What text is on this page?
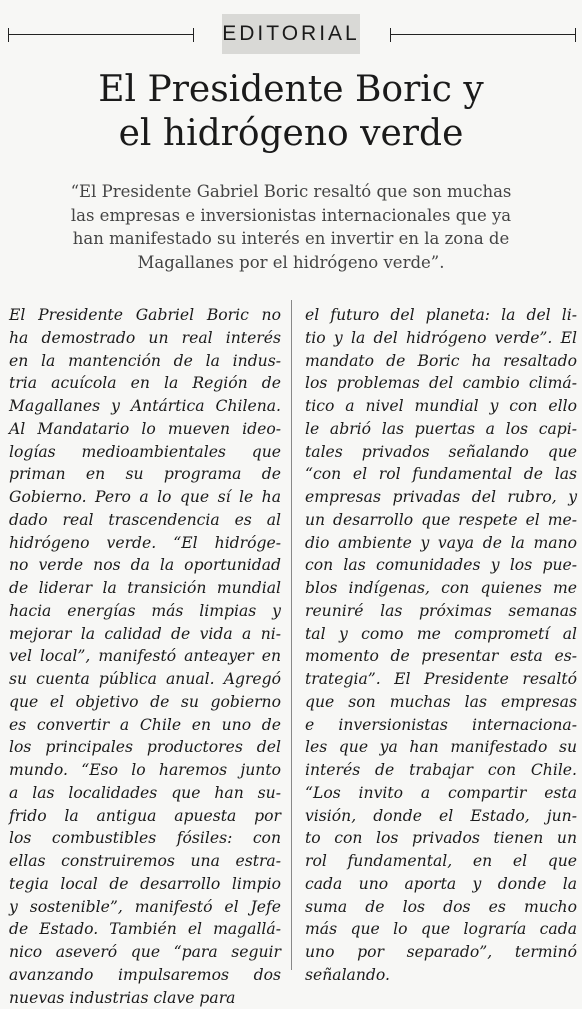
EDITORIAL
El Presidente Boric y
el hidrógeno verde
“El Presidente Gabriel Boric resaltó que son muchas
las empresas e inversionistas internacionales que ya
han manifestado su interés en invertir en la zona de
Magallanes por el hidrógeno verde”.
El Presidente Gabriel Boric no
ha demostrado un real interés
en la mantención de la indus-
tria acuícola en la Región de
Magallanes y Antártica Chilena.
Al Mandatario lo mueven ideo-
logías medioambientales que
priman en su programa de
Gobierno. Pero a lo que sí le ha
dado real trascendencia es al
hidrógeno verde. “El hidróge-
no verde nos da la oportunidad
de liderar la transición mundial
hacia energías más limpias y
mejorar la calidad de vida a ni-
vel local”, manifestó anteayer en
su cuenta pública anual. Agregó
que el objetivo de su gobierno
es convertir a Chile en uno de
los principales productores del
mundo. “Eso lo haremos junto
a las localidades que han su-
frido la antigua apuesta por
los combustibles fósiles: con
ellas construiremos una estra-
tegia local de desarrollo limpio
y sostenible”, manifestó el Jefe
de Estado. También el magallá-
nico aseveró que “para seguir
avanzando impulsaremos dos
nuevas industrias clave para
el futuro del planeta: la del li-
tio y la del hidrógeno verde”. El
mandato de Boric ha resaltado
los problemas del cambio climá-
tico a nivel mundial y con ello
le abrió las puertas a los capi-
tales privados señalando que
“con el rol fundamental de las
empresas privadas del rubro, y
un desarrollo que respete el me-
dio ambiente y vaya de la mano
con las comunidades y los pue-
blos indígenas, con quienes me
reuniré las próximas semanas
tal y como me comprometí al
momento de presentar esta es-
trategia”. El Presidente resaltó
que son muchas las empresas
e inversionistas internaciona-
les que ya han manifestado su
interés de trabajar con Chile.
“Los invito a compartir esta
visión, donde el Estado, jun-
to con los privados tienen un
rol fundamental, en el que
cada uno aporta y donde la
suma de los dos es mucho
más que lo que lograría cada
uno por separado”, terminó
señalando.
